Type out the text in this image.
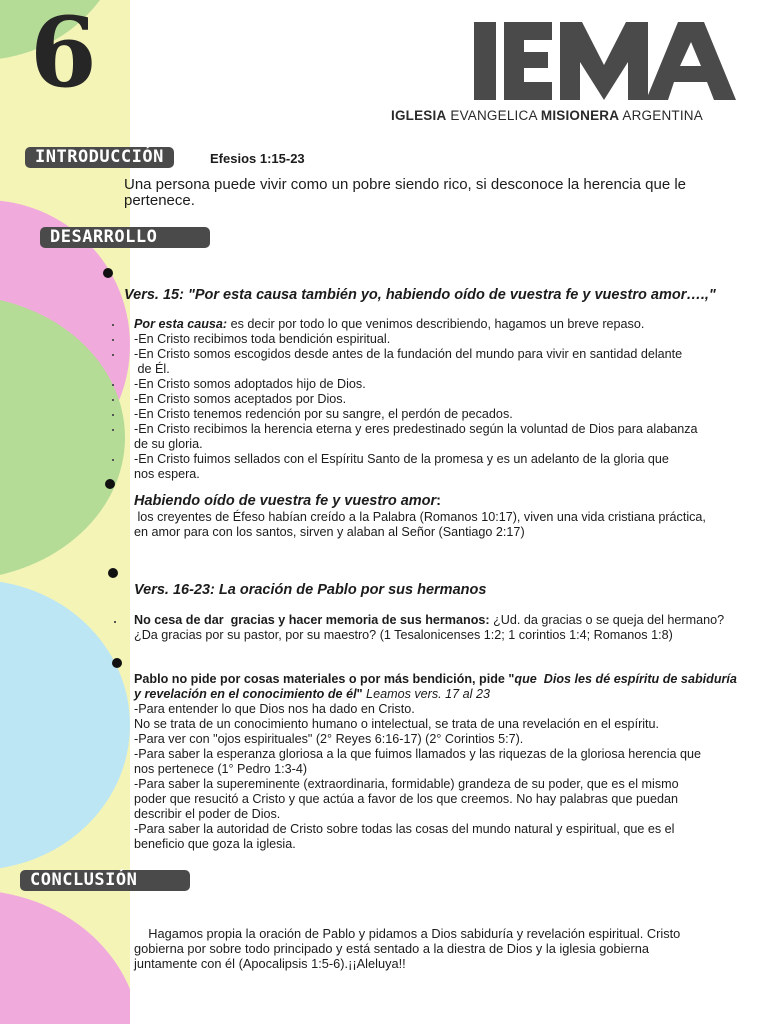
6
IGLESIA EVANGELICA MISIONERA ARGENTINA
INTRODUCCIÓN	Efesios 1:15-23
Una persona puede vivir como un pobre siendo rico, si desconoce la herencia que le
pertenece.
DESARROLLO
Vers. 15: "Por esta causa también yo, habiendo oído de vuestra fe y vuestro amor….,"
Por esta causa: es decir por todo lo que venimos describiendo, hagamos un breve repaso.
-En Cristo recibimos toda bendición espiritual.
-En Cristo somos escogidos desde antes de la fundación del mundo para vivir en santidad delante
de Él.
-En Cristo somos adoptados hijo de Dios.
-En Cristo somos aceptados por Dios.
-En Cristo tenemos redención por su sangre, el perdón de pecados.
-En Cristo recibimos la herencia eterna y eres predestinado según la voluntad de Dios para alabanza
de su gloria.
-En Cristo fuimos sellados con el Espíritu Santo de la promesa y es un adelanto de la gloria que
nos espera.
Habiendo oído de vuestra fe y vuestro amor:
los creyentes de Éfeso habían creído a la Palabra (Romanos 10:17), viven una vida cristiana práctica,
en amor para con los santos, sirven y alaban al Señor (Santiago 2:17)
Vers. 16-23: La oración de Pablo por sus hermanos
No cesa de dar  gracias y hacer memoria de sus hermanos: ¿Ud. da gracias o se queja del hermano?
¿Da gracias por su pastor, por su maestro? (1 Tesalonicenses 1:2; 1 corintios 1:4; Romanos 1:8)
Pablo no pide por cosas materiales o por más bendición, pide "que  Dios les dé espíritu de sabiduría
y revelación en el conocimiento de él" Leamos vers. 17 al 23
-Para entender lo que Dios nos ha dado en Cristo.
No se trata de un conocimiento humano o intelectual, se trata de una revelación en el espíritu.
-Para ver con "ojos espirituales" (2° Reyes 6:16-17) (2° Corintios 5:7).
-Para saber la esperanza gloriosa a la que fuimos llamados y las riquezas de la gloriosa herencia que
nos pertenece (1° Pedro 1:3-4)
-Para saber la supereminente (extraordinaria, formidable) grandeza de su poder, que es el mismo
poder que resucitó a Cristo y que actúa a favor de los que creemos. No hay palabras que puedan
describir el poder de Dios.
-Para saber la autoridad de Cristo sobre todas las cosas del mundo natural y espiritual, que es el
beneficio que goza la iglesia.
CONCLUSIÓN
Hagamos propia la oración de Pablo y pidamos a Dios sabiduría y revelación espiritual. Cristo
gobierna por sobre todo principado y está sentado a la diestra de Dios y la iglesia gobierna
juntamente con él (Apocalipsis 1:5-6).¡¡Aleluya!!
